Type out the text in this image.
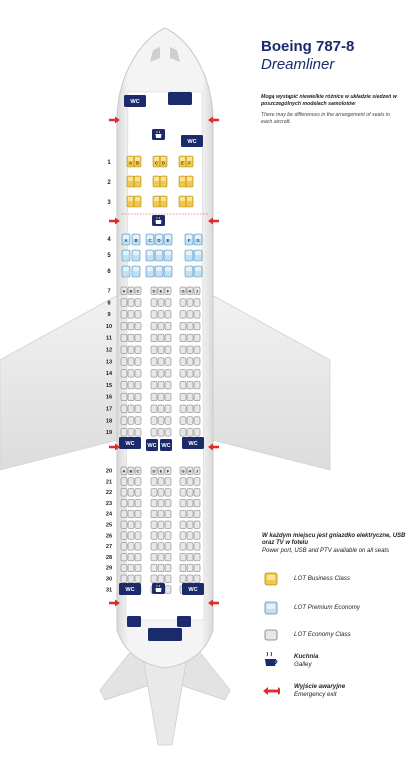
WC
WC
1	A B	C D	E F
2
3
4	A B	C D E	F G
5
6
7	A B C	D E F	G H J
8
9
10
11
12
13
14
15
16
17
18
19
WC WC WC	WC
20	A B C	D E F	G H J
21
22
23
24
25
26
27
28
29
30
31 WC	WC
Boeing 787-8
Dreamliner
Mogą wystąpić niewielkie różnice w układzie siedzeń w poszczególnych modelach samolotów
There may be differences in the arrangement of seats in each aircraft.
W każdym miejscu jest gniazdko elektryczne, USB oraz TV w fotelu
Power port, USB and PTV available on all seats
LOT Business Class
LOT Premium Economy
LOT Economy Class
Kuchnia
Galley
Wyjście awaryjne
Emergency exit
